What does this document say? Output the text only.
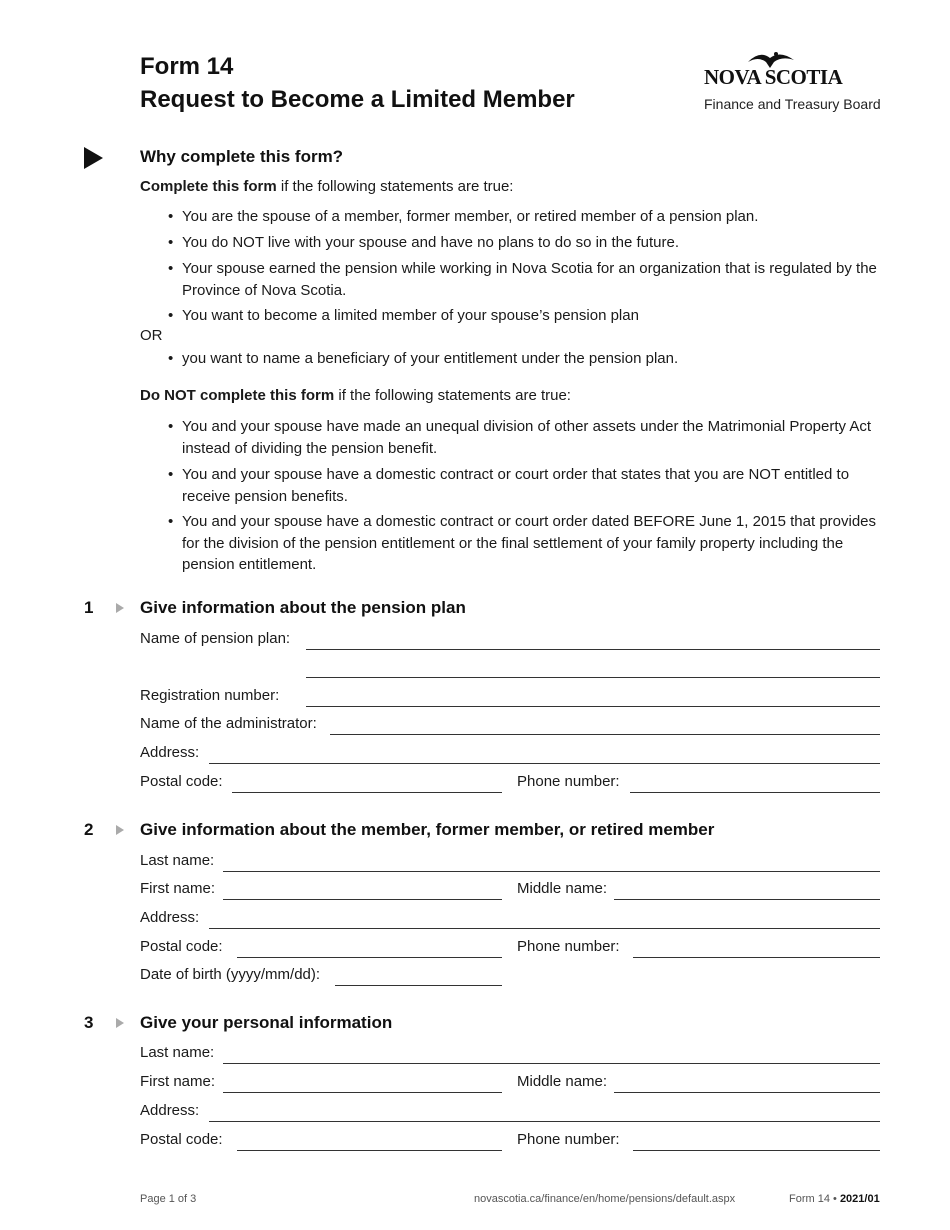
Form 14
Request to Become a Limited Member
NOVA SCOTIA
Finance and Treasury Board
Why complete this form?
Complete this form if the following statements are true:
• You are the spouse of a member, former member, or retired member of a pension plan.
• You do NOT live with your spouse and have no plans to do so in the future.
• Your spouse earned the pension while working in Nova Scotia for an organization that is regulated by the Province of Nova Scotia.
• You want to become a limited member of your spouse’s pension plan
OR
• you want to name a beneficiary of your entitlement under the pension plan.
Do NOT complete this form if the following statements are true:
• You and your spouse have made an unequal division of other assets under the Matrimonial Property Act instead of dividing the pension benefit.
• You and your spouse have a domestic contract or court order that states that you are NOT entitled to receive pension benefits.
• You and your spouse have a domestic contract or court order dated BEFORE June 1, 2015 that provides for the division of the pension entitlement or the final settlement of your family property including the pension entitlement.
1	Give information about the pension plan
Name of pension plan:
Registration number:
Name of the administrator:
Address:
Postal code:	Phone number:
2	Give information about the member, former member, or retired member
Last name:
First name:	Middle name:
Address:
Postal code:	Phone number:
Date of birth (yyyy/mm/dd):
3	Give your personal information
Last name:
First name:	Middle name:
Address:
Postal code:	Phone number:
Page 1 of 3	novascotia.ca/finance/en/home/pensions/default.aspx	Form 14 • 2021/01
